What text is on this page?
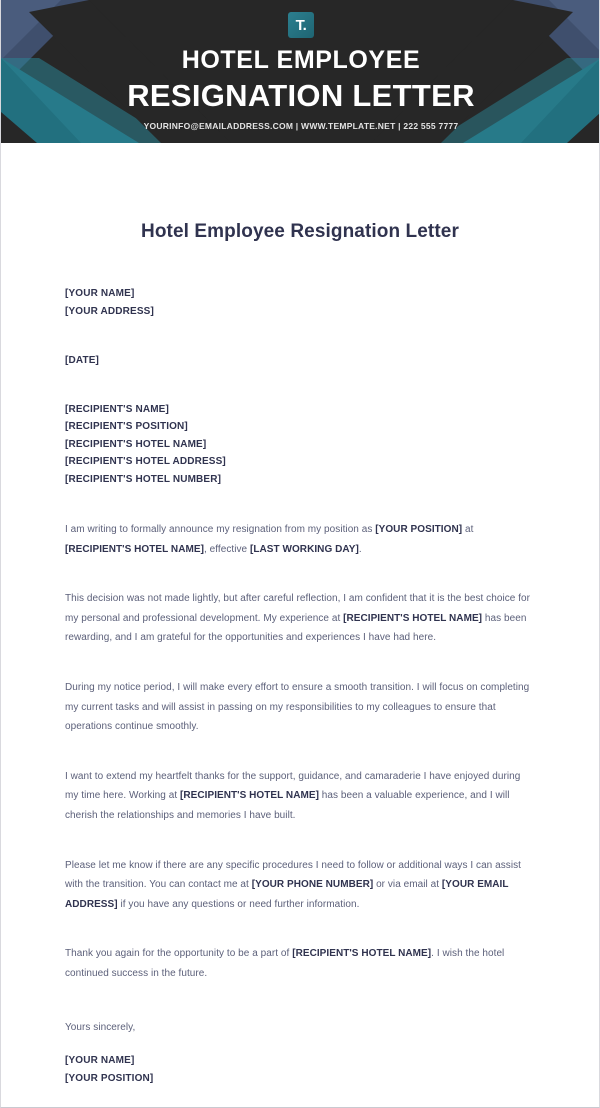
T.
HOTEL EMPLOYEE
RESIGNATION LETTER
YOURINFO@EMAILADDRESS.COM | WWW.TEMPLATE.NET | 222 555 7777
Hotel Employee Resignation Letter
[YOUR NAME]
[YOUR ADDRESS]
[DATE]
[RECIPIENT'S NAME]
[RECIPIENT'S POSITION]
[RECIPIENT'S HOTEL NAME]
[RECIPIENT'S HOTEL ADDRESS]
[RECIPIENT'S HOTEL NUMBER]
I am writing to formally announce my resignation from my position as [YOUR POSITION] at [RECIPIENT'S HOTEL NAME], effective [LAST WORKING DAY].
This decision was not made lightly, but after careful reflection, I am confident that it is the best choice for my personal and professional development. My experience at [RECIPIENT'S HOTEL NAME] has been rewarding, and I am grateful for the opportunities and experiences I have had here.
During my notice period, I will make every effort to ensure a smooth transition. I will focus on completing my current tasks and will assist in passing on my responsibilities to my colleagues to ensure that operations continue smoothly.
I want to extend my heartfelt thanks for the support, guidance, and camaraderie I have enjoyed during my time here. Working at [RECIPIENT'S HOTEL NAME] has been a valuable experience, and I will cherish the relationships and memories I have built.
Please let me know if there are any specific procedures I need to follow or additional ways I can assist with the transition. You can contact me at [YOUR PHONE NUMBER] or via email at [YOUR EMAIL ADDRESS] if you have any questions or need further information.
Thank you again for the opportunity to be a part of [RECIPIENT'S HOTEL NAME]. I wish the hotel continued success in the future.
Yours sincerely,
[YOUR NAME]
[YOUR POSITION]
